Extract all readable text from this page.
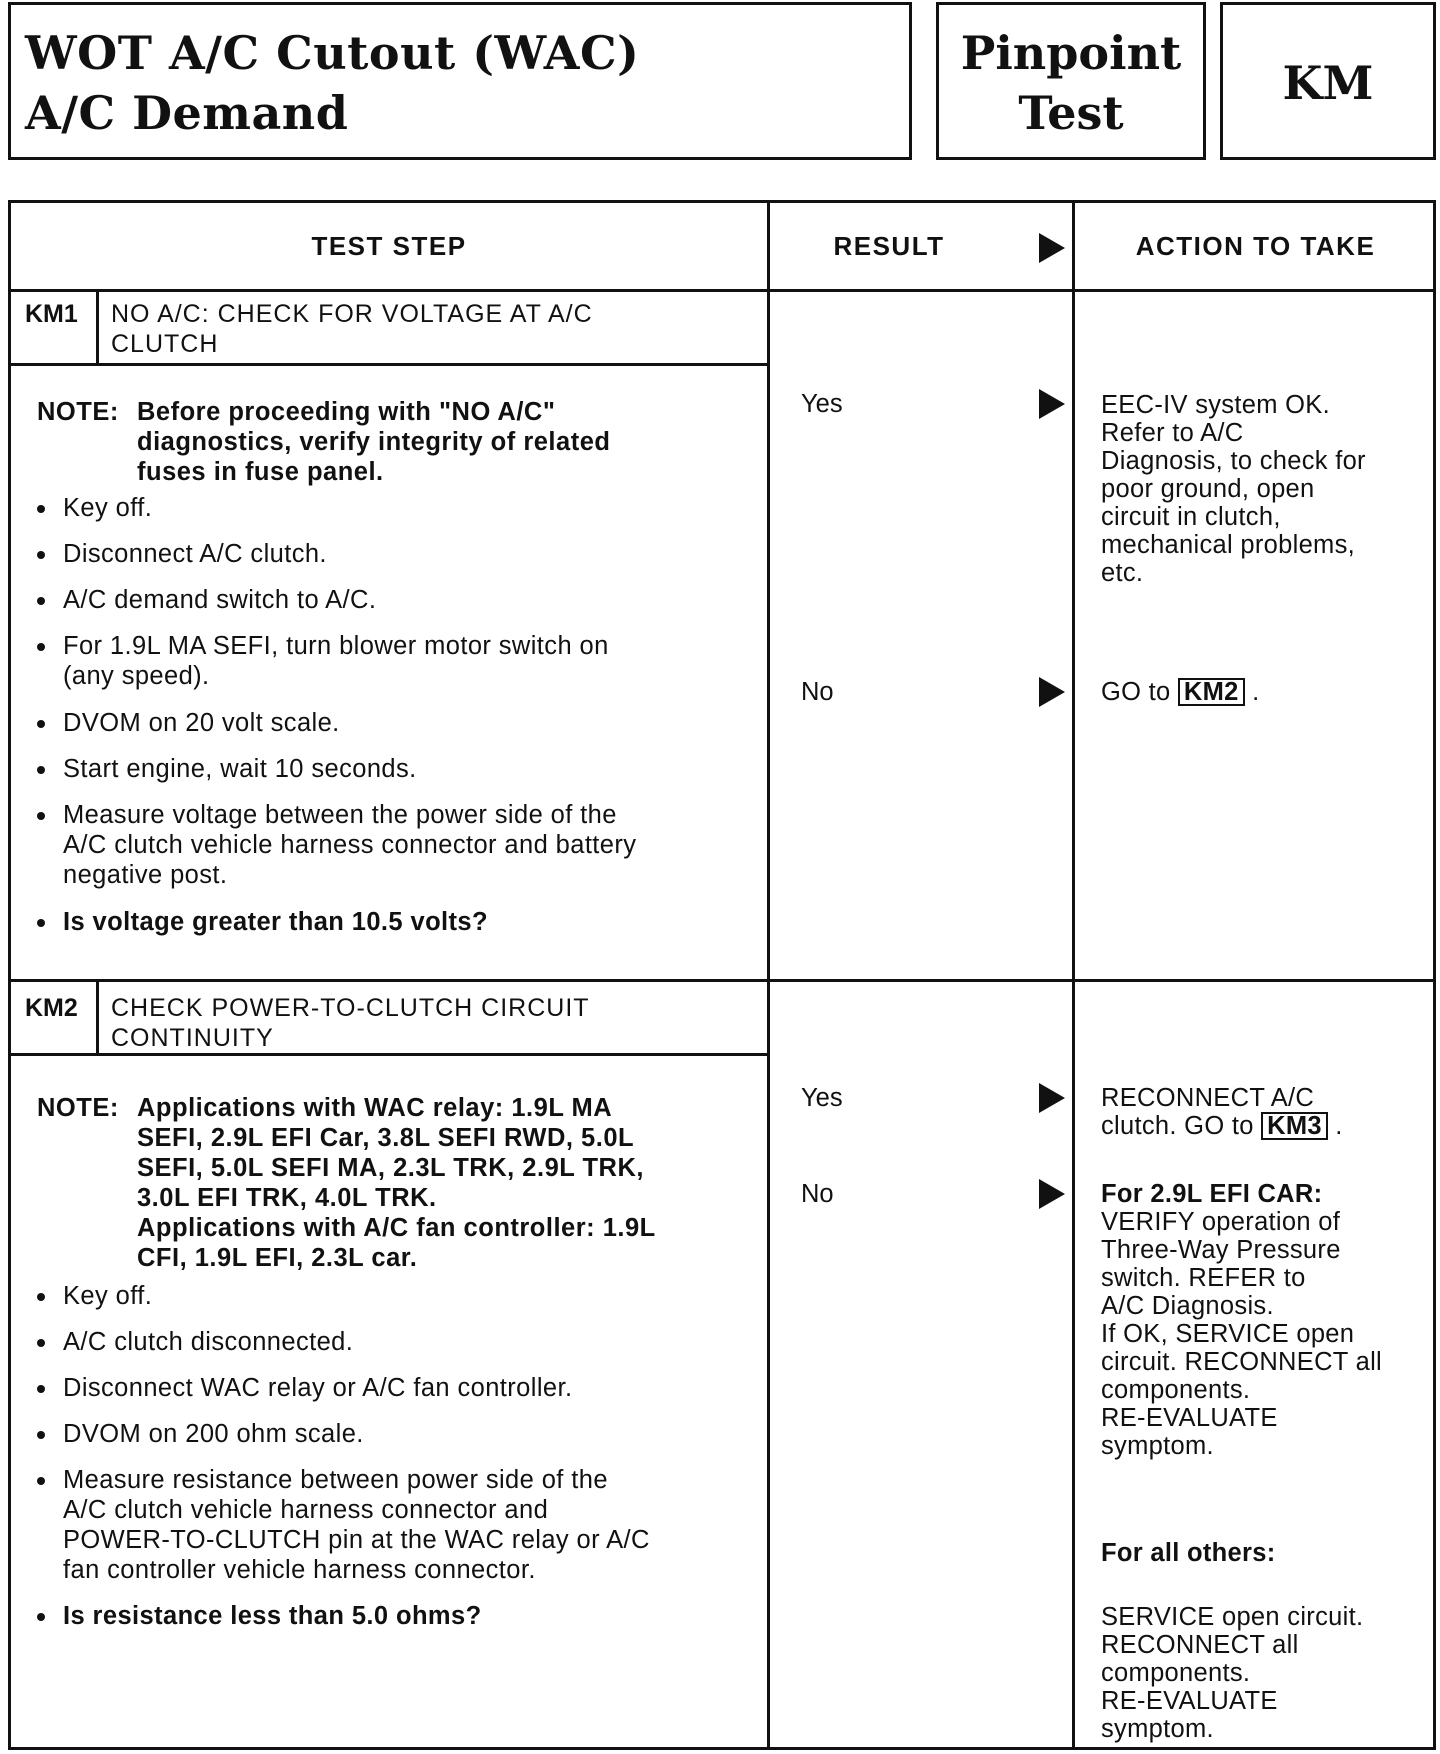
WOT A/C Cutout (WAC)
A/C Demand
Pinpoint
Test
KM
TEST STEP	RESULT	ACTION TO TAKE
KM1 NO A/C: CHECK FOR VOLTAGE AT A/C
CLUTCH
NOTE: Before proceeding with "NO A/C"
diagnostics, verify integrity of related
fuses in fuse panel.
Key off.
Disconnect A/C clutch.
A/C demand switch to A/C.
For 1.9L MA SEFI, turn blower motor switch on
(any speed).
DVOM on 20 volt scale.
Start engine, wait 10 seconds.
Measure voltage between the power side of the
A/C clutch vehicle harness connector and battery
negative post.
Is voltage greater than 10.5 volts?
Yes	EEC-IV system OK.
Refer to A/C
Diagnosis, to check for
poor ground, open
circuit in clutch,
mechanical problems,
etc.
No	GO to KM2 .
KM2 CHECK POWER-TO-CLUTCH CIRCUIT
CONTINUITY
NOTE: Applications with WAC relay: 1.9L MA
SEFI, 2.9L EFI Car, 3.8L SEFI RWD, 5.0L
SEFI, 5.0L SEFI MA, 2.3L TRK, 2.9L TRK,
3.0L EFI TRK, 4.0L TRK.
Applications with A/C fan controller: 1.9L
CFI, 1.9L EFI, 2.3L car.
Key off.
A/C clutch disconnected.
Disconnect WAC relay or A/C fan controller.
DVOM on 200 ohm scale.
Measure resistance between power side of the
A/C clutch vehicle harness connector and
POWER-TO-CLUTCH pin at the WAC relay or A/C
fan controller vehicle harness connector.
Is resistance less than 5.0 ohms?
Yes	RECONNECT A/C
clutch. GO to KM3 .
No	For 2.9L EFI CAR:
VERIFY operation of
Three-Way Pressure
switch. REFER to
A/C Diagnosis.
If OK, SERVICE open
circuit. RECONNECT all
components.
RE-EVALUATE
symptom.
For all others:
SERVICE open circuit.
RECONNECT all
components.
RE-EVALUATE
symptom.
